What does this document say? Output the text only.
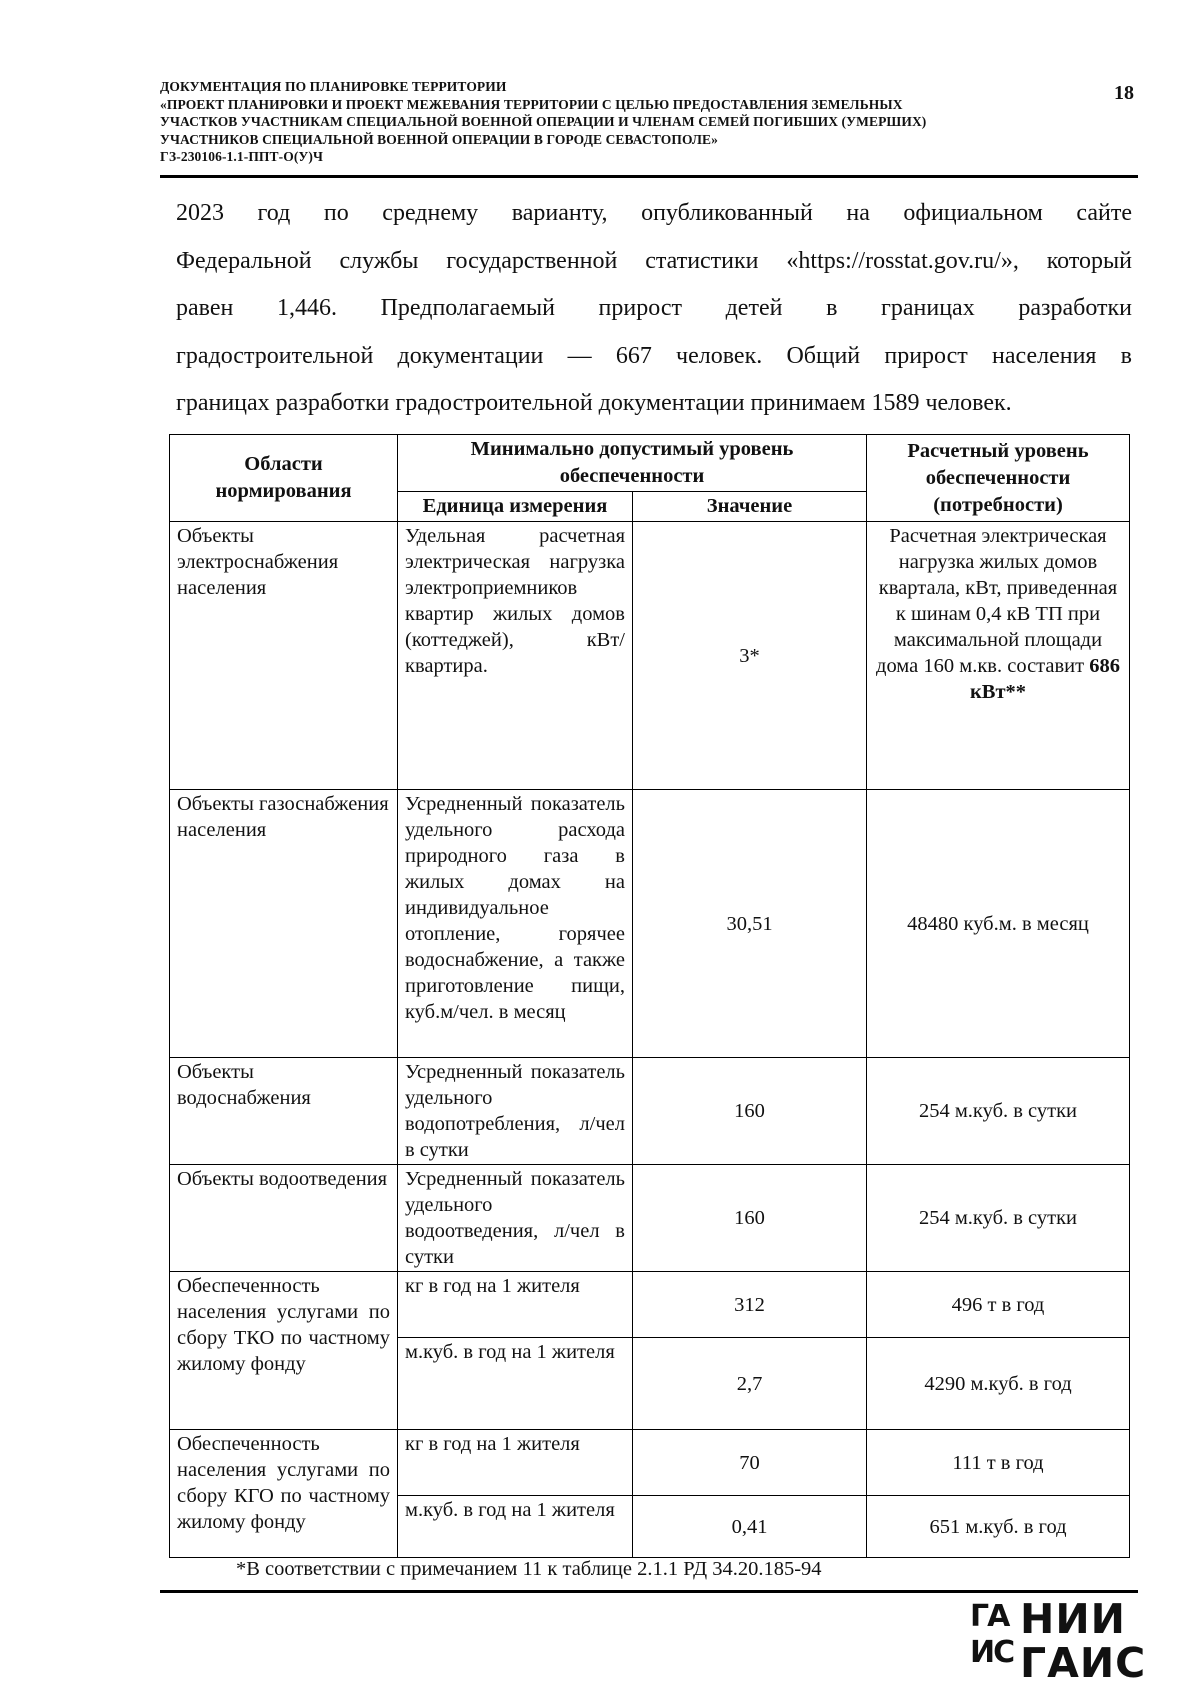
ДОКУМЕНТАЦИЯ ПО ПЛАНИРОВКЕ ТЕРРИТОРИИ
«ПРОЕКТ ПЛАНИРОВКИ И ПРОЕКТ МЕЖЕВАНИЯ ТЕРРИТОРИИ С ЦЕЛЬЮ ПРЕДОСТАВЛЕНИЯ ЗЕМЕЛЬНЫХ
УЧАСТКОВ УЧАСТНИКАМ СПЕЦИАЛЬНОЙ ВОЕННОЙ ОПЕРАЦИИ И ЧЛЕНАМ СЕМЕЙ ПОГИБШИХ (УМЕРШИХ)
УЧАСТНИКОВ СПЕЦИАЛЬНОЙ ВОЕННОЙ ОПЕРАЦИИ В ГОРОДЕ СЕВАСТОПОЛЕ»
ГЗ-230106-1.1-ППТ-О(У)Ч
18
2023 год по среднему варианту, опубликованный на официальном сайте
Федеральной службы государственной статистики «https://rosstat.gov.ru/», который
равен 1,446. Предполагаемый прирост детей в границах разработки
градостроительной документации — 667 человек. Общий прирост населения в
границах разработки градостроительной документации принимаем 1589 человек.
Области нормирования	Минимально допустимый уровень обеспеченности		Расчетный уровень обеспеченности (потребности)
	Единица измерения	Значение	
Объекты электроснабжения населения	Удельная расчетная электрическая нагрузка электроприемников квартир жилых домов (коттеджей), кВт/квартира.	3*	Расчетная электрическая нагрузка жилых домов квартала, кВт, приведенная к шинам 0,4 кВ ТП при максимальной площади дома 160 м.кв. составит 686 кВт**
Объекты газоснабжения населения	Усредненный показатель удельного расхода природного газа в жилых домах на индивидуальное отопление, горячее водоснабжение, а также приготовление пищи, куб.м/чел. в месяц	30,51	48480 куб.м. в месяц
Объекты водоснабжения	Усредненный показатель удельного водопотребления, л/чел в сутки	160	254 м.куб. в сутки
Объекты водоотведения	Усредненный показатель удельного водоотведения, л/чел в сутки	160	254 м.куб. в сутки
Обеспеченность населения услугами по сбору ТКО по частному жилому фонду	кг в год на 1 жителя	312	496 т в год
	м.куб. в год на 1 жителя	2,7	4290 м.куб. в год
Обеспеченность населения услугами по сбору КГО по частному жилому фонду	кг в год на 1 жителя	70	111 т в год
	м.куб. в год на 1 жителя	0,41	651 м.куб. в год
*В соответствии с примечанием 11 к таблице 2.1.1 РД 34.20.185-94
ГА
ИС
НИИ
ГАИС
